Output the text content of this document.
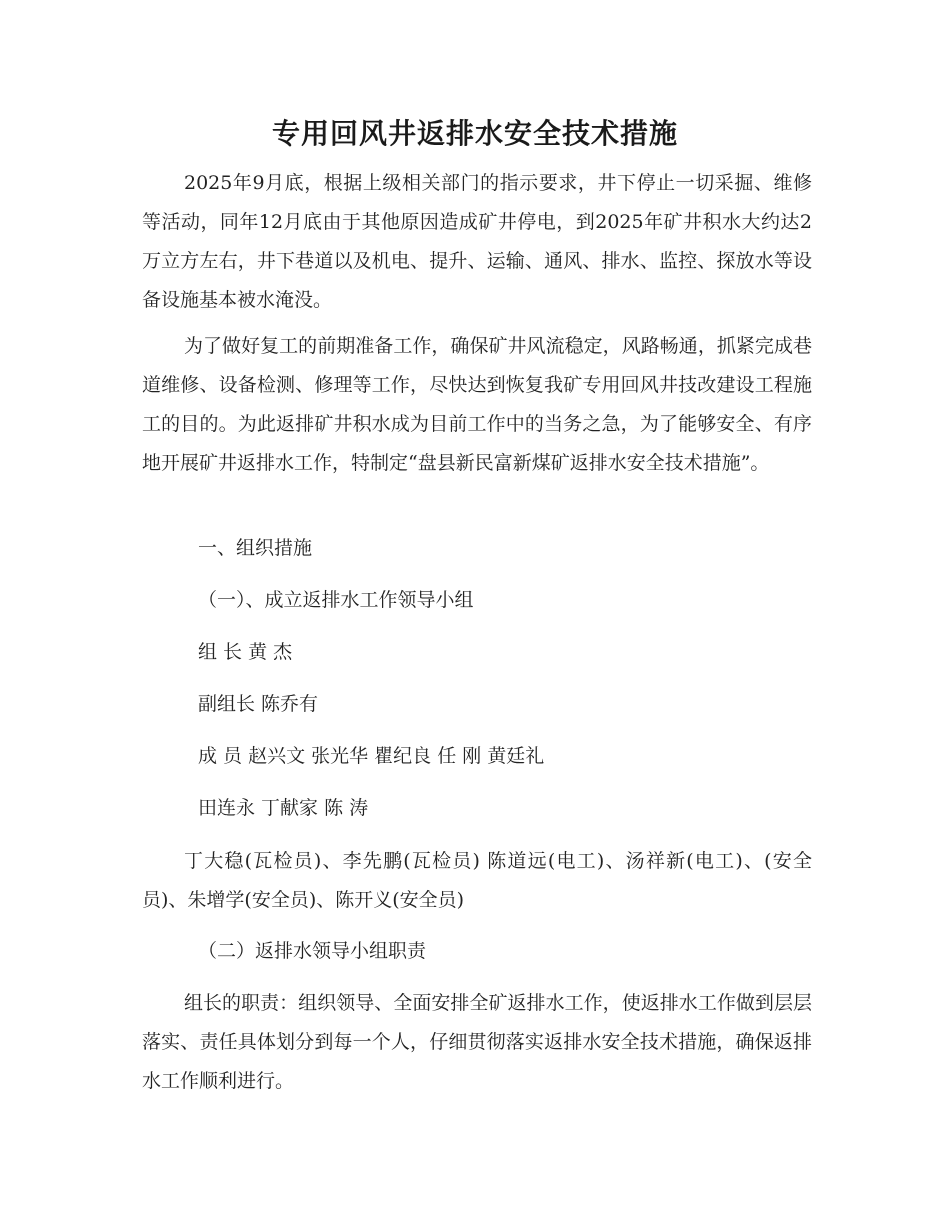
专用回风井返排水安全技术措施

2025年9月底，根据上级相关部门的指示要求，井下停止一切采掘、维修等活动，同年12月底由于其他原因造成矿井停电，到2025年矿井积水大约达2万立方左右，井下巷道以及机电、提升、运输、通风、排水、监控、探放水等设备设施基本被水淹没。

为了做好复工的前期准备工作，确保矿井风流稳定，风路畅通，抓紧完成巷道维修、设备检测、修理等工作，尽快达到恢复我矿专用回风井技改建设工程施工的目的。为此返排矿井积水成为目前工作中的当务之急，为了能够安全、有序地开展矿井返排水工作，特制定“盘县新民富新煤矿返排水安全技术措施”。

一、组织措施

（一）、成立返排水工作领导小组

组 长 黄 杰

副组长 陈乔有

成 员 赵兴文 张光华 瞿纪良 任 刚 黄廷礼

田连永 丁献家 陈 涛

丁大稳(瓦检员)、李先鹏(瓦检员) 陈道远(电工)、汤祥新(电工)、(安全员)、朱增学(安全员)、陈开义(安全员)

（二）返排水领导小组职责

组长的职责：组织领导、全面安排全矿返排水工作，使返排水工作做到层层落实、责任具体划分到每一个人，仔细贯彻落实返排水安全技术措施，确保返排水工作顺利进行。
